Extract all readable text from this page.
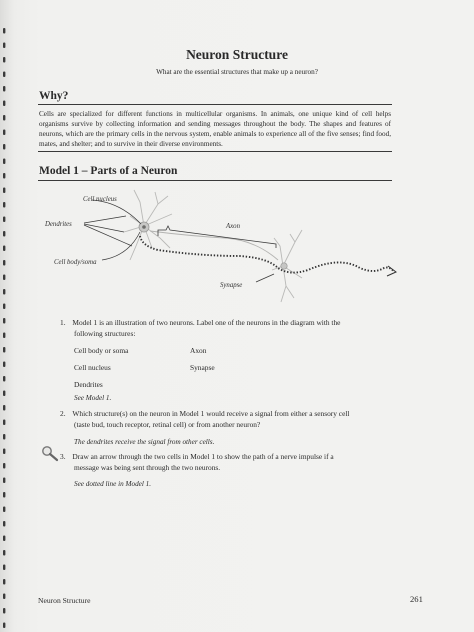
Neuron Structure
What are the essential structures that make up a neuron?
Why?
Cells are specialized for different functions in multicellular organisms. In animals, one unique kind of cell helps organisms survive by collecting information and sending messages throughout the body. The shapes and features of neurons, which are the primary cells in the nervous system, enable animals to experience all of the five senses; find food, mates, and shelter; and to survive in their diverse environments.
Model 1 – Parts of a Neuron
Cell nucleus
Dendrites
Cell body/soma
Axon
Synapse
1. Model 1 is an illustration of two neurons. Label one of the neurons in the diagram with the
following structures:
Cell body or soma	Axon
Cell nucleus	Synapse
Dendrites
See Model 1.
2. Which structure(s) on the neuron in Model 1 would receive a signal from either a sensory cell
(taste bud, touch receptor, retinal cell) or from another neuron?
The dendrites receive the signal from other cells.
3. Draw an arrow through the two cells in Model 1 to show the path of a nerve impulse if a
message was being sent through the two neurons.
See dotted line in Model 1.
Neuron Structure	261
